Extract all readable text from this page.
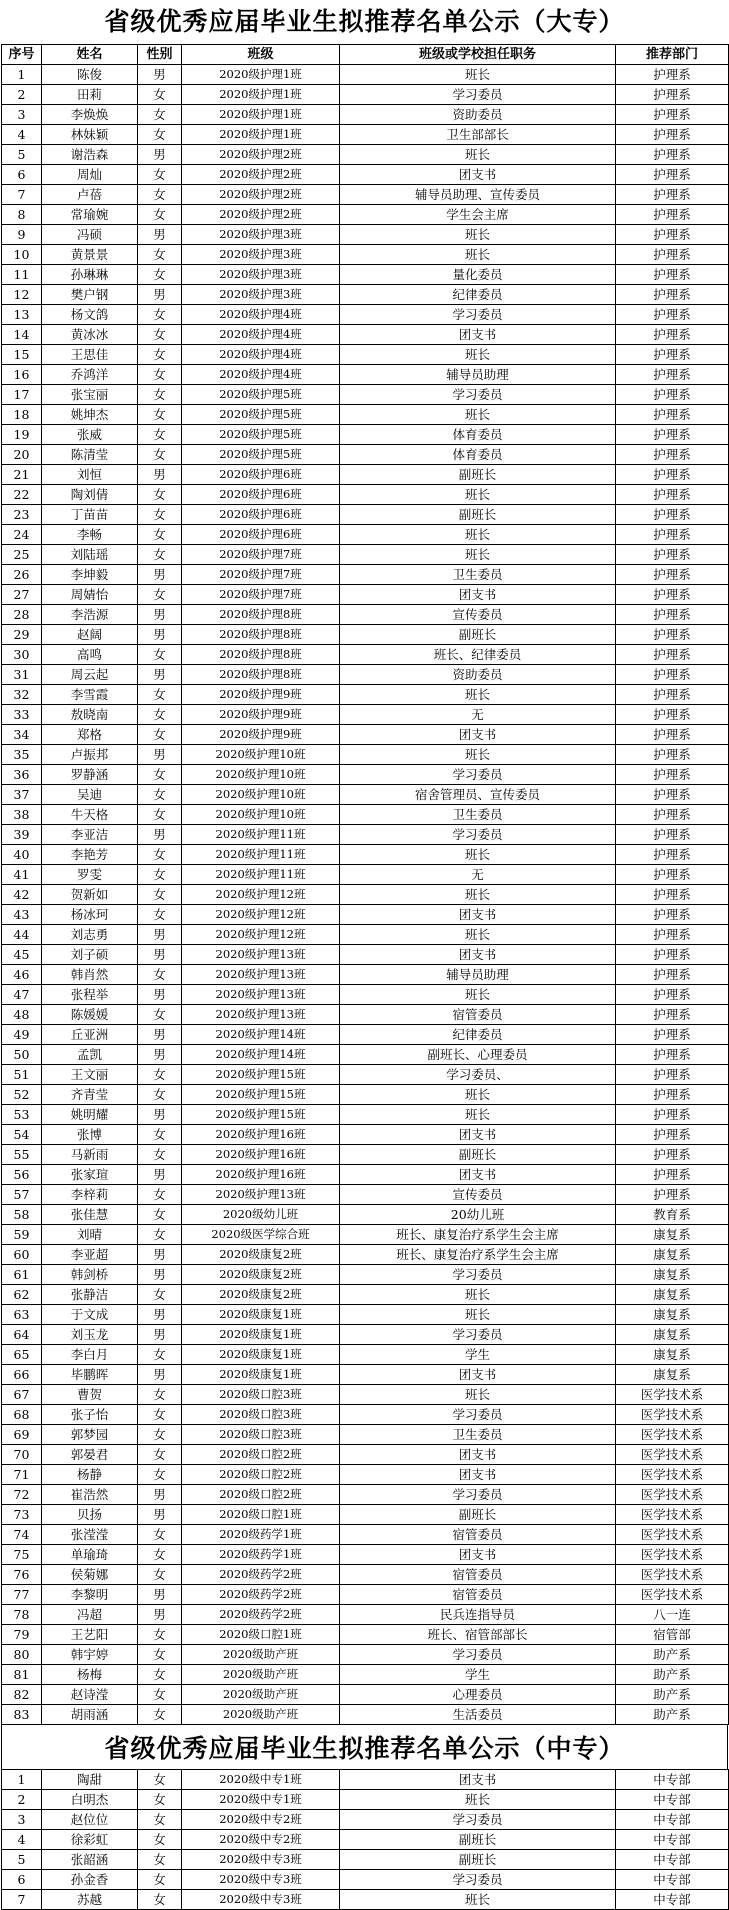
省级优秀应届毕业生拟推荐名单公示（大专）
序号	姓名	性别	班级	班级或学校担任职务	推荐部门
1	陈俊	男	2020级护理1班	班长	护理系
2	田莉	女	2020级护理1班	学习委员	护理系
3	李焕焕	女	2020级护理1班	资助委员	护理系
4	林妹颖	女	2020级护理1班	卫生部部长	护理系
5	谢浩森	男	2020级护理2班	班长	护理系
6	周灿	女	2020级护理2班	团支书	护理系
7	卢蓓	女	2020级护理2班	辅导员助理、宣传委员	护理系
8	常瑜婉	女	2020级护理2班	学生会主席	护理系
9	冯硕	男	2020级护理3班	班长	护理系
10	黄景景	女	2020级护理3班	班长	护理系
11	孙琳琳	女	2020级护理3班	量化委员	护理系
12	樊户钢	男	2020级护理3班	纪律委员	护理系
13	杨文鸽	女	2020级护理4班	学习委员	护理系
14	黄冰冰	女	2020级护理4班	团支书	护理系
15	王思佳	女	2020级护理4班	班长	护理系
16	乔鸿洋	女	2020级护理4班	辅导员助理	护理系
17	张宝丽	女	2020级护理5班	学习委员	护理系
18	姚坤杰	女	2020级护理5班	班长	护理系
19	张威	女	2020级护理5班	体育委员	护理系
20	陈清莹	女	2020级护理5班	体育委员	护理系
21	刘恒	男	2020级护理6班	副班长	护理系
22	陶刘倩	女	2020级护理6班	班长	护理系
23	丁苗苗	女	2020级护理6班	副班长	护理系
24	李畅	女	2020级护理6班	班长	护理系
25	刘陆瑶	女	2020级护理7班	班长	护理系
26	李坤毅	男	2020级护理7班	卫生委员	护理系
27	周婧怡	女	2020级护理7班	团支书	护理系
28	李浩源	男	2020级护理8班	宣传委员	护理系
29	赵阔	男	2020级护理8班	副班长	护理系
30	高鸣	女	2020级护理8班	班长、纪律委员	护理系
31	周云起	男	2020级护理8班	资助委员	护理系
32	李雪霞	女	2020级护理9班	班长	护理系
33	敖晓南	女	2020级护理9班	无	护理系
34	郑格	女	2020级护理9班	团支书	护理系
35	卢振邦	男	2020级护理10班	班长	护理系
36	罗静涵	女	2020级护理10班	学习委员	护理系
37	吴迪	女	2020级护理10班	宿舍管理员、宣传委员	护理系
38	牛天格	女	2020级护理10班	卫生委员	护理系
39	李亚洁	男	2020级护理11班	学习委员	护理系
40	李艳芳	女	2020级护理11班	班长	护理系
41	罗雯	女	2020级护理11班	无	护理系
42	贺新如	女	2020级护理12班	班长	护理系
43	杨冰珂	女	2020级护理12班	团支书	护理系
44	刘志勇	男	2020级护理12班	班长	护理系
45	刘子硕	男	2020级护理13班	团支书	护理系
46	韩肖然	女	2020级护理13班	辅导员助理	护理系
47	张程举	男	2020级护理13班	班长	护理系
48	陈媛媛	女	2020级护理13班	宿管委员	护理系
49	丘亚洲	男	2020级护理14班	纪律委员	护理系
50	孟凯	男	2020级护理14班	副班长、心理委员	护理系
51	王文丽	女	2020级护理15班	学习委员、	护理系
52	齐青莹	女	2020级护理15班	班长	护理系
53	姚明耀	男	2020级护理15班	班长	护理系
54	张博	女	2020级护理16班	团支书	护理系
55	马新雨	女	2020级护理16班	副班长	护理系
56	张家瑄	男	2020级护理16班	团支书	护理系
57	李梓莉	女	2020级护理13班	宣传委员	护理系
58	张佳慧	女	2020级幼儿班	20幼儿班	教育系
59	刘晴	女	2020级医学综合班	班长、康复治疗系学生会主席	康复系
60	李亚超	男	2020级康复2班	班长、康复治疗系学生会主席	康复系
61	韩剑桥	男	2020级康复2班	学习委员	康复系
62	张静洁	女	2020级康复2班	班长	康复系
63	于文成	男	2020级康复1班	班长	康复系
64	刘玉龙	男	2020级康复1班	学习委员	康复系
65	李白月	女	2020级康复1班	学生	康复系
66	毕鹏晖	男	2020级康复1班	团支书	康复系
67	曹贺	女	2020级口腔3班	班长	医学技术系
68	张子怡	女	2020级口腔3班	学习委员	医学技术系
69	郭梦园	女	2020级口腔3班	卫生委员	医学技术系
70	郭晏君	女	2020级口腔2班	团支书	医学技术系
71	杨静	女	2020级口腔2班	团支书	医学技术系
72	崔浩然	男	2020级口腔2班	学习委员	医学技术系
73	贝扬	男	2020级口腔1班	副班长	医学技术系
74	张滢滢	女	2020级药学1班	宿管委员	医学技术系
75	单瑜琦	女	2020级药学1班	团支书	医学技术系
76	侯菊娜	女	2020级药学2班	宿管委员	医学技术系
77	李黎明	男	2020级药学2班	宿管委员	医学技术系
78	冯超	男	2020级药学2班	民兵连指导员	八一连
79	王艺阳	女	2020级口腔1班	班长、宿管部部长	宿管部
80	韩宇婷	女	2020级助产班	学习委员	助产系
81	杨梅	女	2020级助产班	学生	助产系
82	赵诗滢	女	2020级助产班	心理委员	助产系
83	胡雨涵	女	2020级助产班	生活委员	助产系
省级优秀应届毕业生拟推荐名单公示（中专）
1	陶甜	女	2020级中专1班	团支书	中专部
2	白明杰	女	2020级中专1班	班长	中专部
3	赵位位	女	2020级中专2班	学习委员	中专部
4	徐彩虹	女	2020级中专2班	副班长	中专部
5	张韶涵	女	2020级中专3班	副班长	中专部
6	孙金香	女	2020级中专3班	学习委员	中专部
7	苏越	女	2020级中专3班	班长	中专部
